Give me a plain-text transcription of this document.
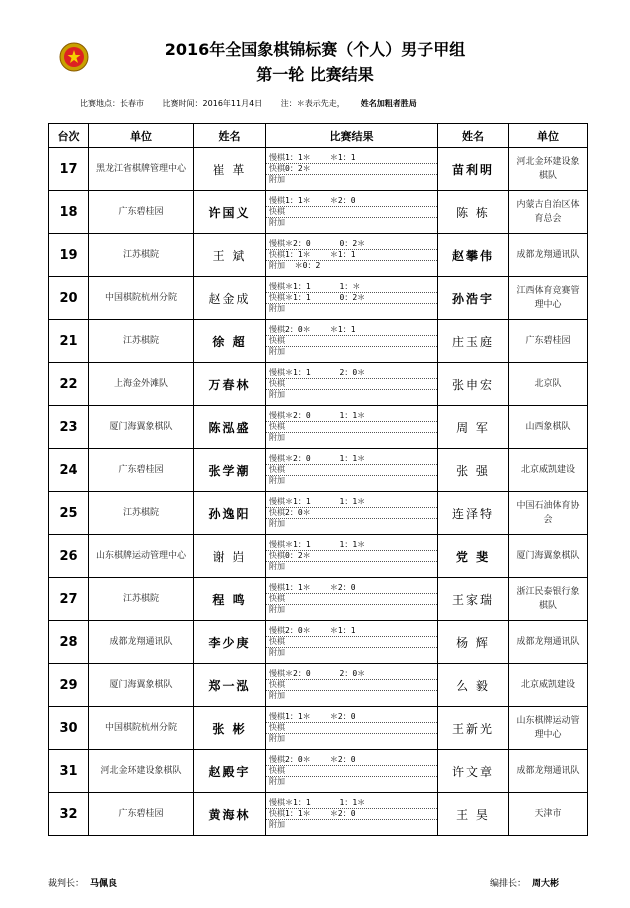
2016年全国象棋锦标赛（个人）男子甲组
第一轮 比赛结果
比赛地点：长春市 比赛时间：2016年11月4日 注：＊表示先走， 姓名加粗者胜局
台次	单位	姓名	比赛结果	姓名	单位
17	黑龙江省棋牌管理中心	崔 革	慢棋1：1＊    ＊1：1
快棋0：2＊
附加	苗利明	河北金环建设象棋队
18	广东碧桂园	许国义	慢棋1：1＊    ＊2：0
快棋
附加	陈 栋	内蒙古自治区体育总会
19	江苏棋院	王 斌	慢棋＊2：0      0：2＊
快棋1：1＊    ＊1：1
附加  ＊0：2	赵攀伟	成都龙翔通讯队
20	中国棋院杭州分院	赵金成	慢棋＊1：1      1：＊
快棋＊1：1      0：2＊
附加	孙浩宇	江西体育竞赛管理中心
21	江苏棋院	徐 超	慢棋2：0＊    ＊1：1
快棋
附加	庄玉庭	广东碧桂园
22	上海金外滩队	万春林	慢棋＊1：1      2：0＊
快棋
附加	张申宏	北京队
23	厦门海翼象棋队	陈泓盛	慢棋＊2：0      1：1＊
快棋
附加	周 军	山西象棋队
24	广东碧桂园	张学潮	慢棋＊2：0      1：1＊
快棋
附加	张 强	北京威凯建设
25	江苏棋院	孙逸阳	慢棋＊1：1      1：1＊
快棋2：0＊
附加	连泽特	中国石油体育协会
26	山东棋牌运动管理中心	谢 岿	慢棋＊1：1      1：1＊
快棋0：2＊
附加	党 斐	厦门海翼象棋队
27	江苏棋院	程 鸣	慢棋1：1＊    ＊2：0
快棋
附加	王家瑞	浙江民泰银行象棋队
28	成都龙翔通讯队	李少庚	慢棋2：0＊    ＊1：1
快棋
附加	杨 辉	成都龙翔通讯队
29	厦门海翼象棋队	郑一泓	慢棋＊2：0      2：0＊
快棋
附加	么 毅	北京威凯建设
30	中国棋院杭州分院	张 彬	慢棋1：1＊    ＊2：0
快棋
附加	王新光	山东棋牌运动管理中心
31	河北金环建设象棋队	赵殿宇	慢棋2：0＊    ＊2：0
快棋
附加	许文章	成都龙翔通讯队
32	广东碧桂园	黄海林	慢棋＊1：1      1：1＊
快棋1：1＊    ＊2：0
附加	王 昊	天津市
裁判长： 马佩良	编排长： 周大彬
